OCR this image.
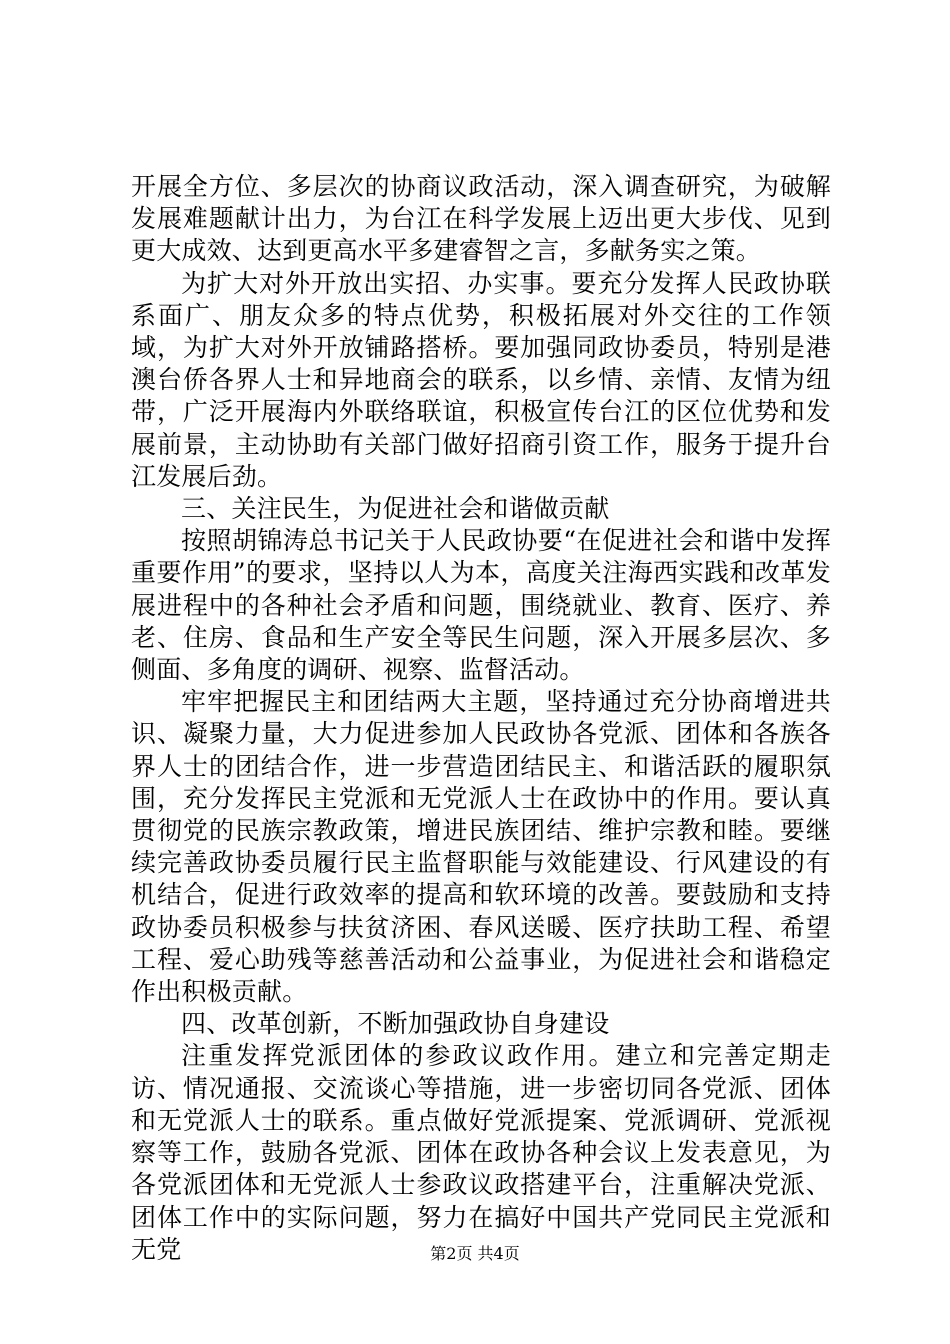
开展全方位、多层次的协商议政活动，深入调查研究，为破解发展难题献计出力，为台江在科学发展上迈出更大步伐、见到更大成效、达到更高水平多建睿智之言，多献务实之策。

为扩大对外开放出实招、办实事。要充分发挥人民政协联系面广、朋友众多的特点优势，积极拓展对外交往的工作领域，为扩大对外开放铺路搭桥。要加强同政协委员，特别是港澳台侨各界人士和异地商会的联系，以乡情、亲情、友情为纽带，广泛开展海内外联络联谊，积极宣传台江的区位优势和发展前景，主动协助有关部门做好招商引资工作，服务于提升台江发展后劲。

三、关注民生，为促进社会和谐做贡献

按照胡锦涛总书记关于人民政协要“在促进社会和谐中发挥重要作用”的要求，坚持以人为本，高度关注海西实践和改革发展进程中的各种社会矛盾和问题，围绕就业、教育、医疗、养老、住房、食品和生产安全等民生问题，深入开展多层次、多侧面、多角度的调研、视察、监督活动。

牢牢把握民主和团结两大主题，坚持通过充分协商增进共识、凝聚力量，大力促进参加人民政协各党派、团体和各族各界人士的团结合作，进一步营造团结民主、和谐活跃的履职氛围，充分发挥民主党派和无党派人士在政协中的作用。要认真贯彻党的民族宗教政策，增进民族团结、维护宗教和睦。要继续完善政协委员履行民主监督职能与效能建设、行风建设的有机结合，促进行政效率的提高和软环境的改善。要鼓励和支持政协委员积极参与扶贫济困、春风送暖、医疗扶助工程、希望工程、爱心助残等慈善活动和公益事业，为促进社会和谐稳定作出积极贡献。

四、改革创新，不断加强政协自身建设

注重发挥党派团体的参政议政作用。建立和完善定期走访、情况通报、交流谈心等措施，进一步密切同各党派、团体和无党派人士的联系。重点做好党派提案、党派调研、党派视察等工作，鼓励各党派、团体在政协各种会议上发表意见，为各党派团体和无党派人士参政议政搭建平台，注重解决党派、团体工作中的实际问题，努力在搞好中国共产党同民主党派和无党	第2页 共4页
